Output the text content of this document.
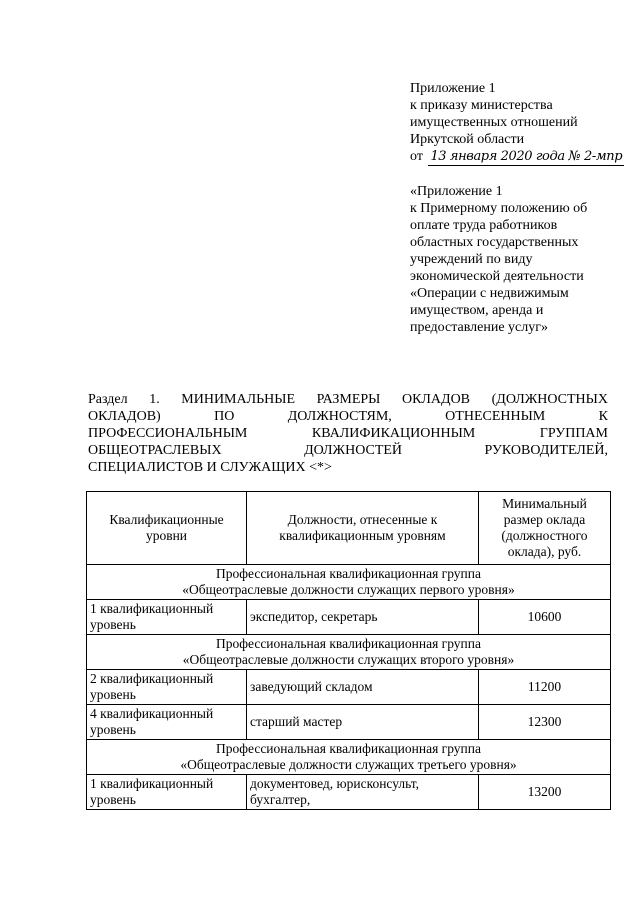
Приложение 1
к приказу министерства
имущественных отношений
Иркутской области
от 13 января 2020 года № 2-мпр
«Приложение 1
к Примерному положению об
оплате труда работников
областных государственных
учреждений по виду
экономической деятельности
«Операции с недвижимым
имуществом, аренда и
предоставление услуг»
Раздел 1. МИНИМАЛЬНЫЕ РАЗМЕРЫ ОКЛАДОВ (ДОЛЖНОСТНЫХ
ОКЛАДОВ) ПО ДОЛЖНОСТЯМ, ОТНЕСЕННЫМ К
ПРОФЕССИОНАЛЬНЫМ КВАЛИФИКАЦИОННЫМ ГРУППАМ
ОБЩЕОТРАСЛЕВЫХ ДОЛЖНОСТЕЙ РУКОВОДИТЕЛЕЙ,
СПЕЦИАЛИСТОВ И СЛУЖАЩИХ <*>
Квалификационные уровни	Должности, отнесенные к квалификационным уровням	Минимальный размер оклада (должностного оклада), руб.

Профессиональная квалификационная группа
«Общеотраслевые должности служащих первого уровня»		

1 квалификационный уровень	экспедитор, секретарь	10600

Профессиональная квалификационная группа
«Общеотраслевые должности служащих второго уровня»		

2 квалификационный уровень	заведующий складом	11200
4 квалификационный уровень	старший мастер	12300

Профессиональная квалификационная группа
«Общеотраслевые должности служащих третьего уровня»		

1 квалификационный уровень	документовед, юрисконсульт, бухгалтер,	13200
